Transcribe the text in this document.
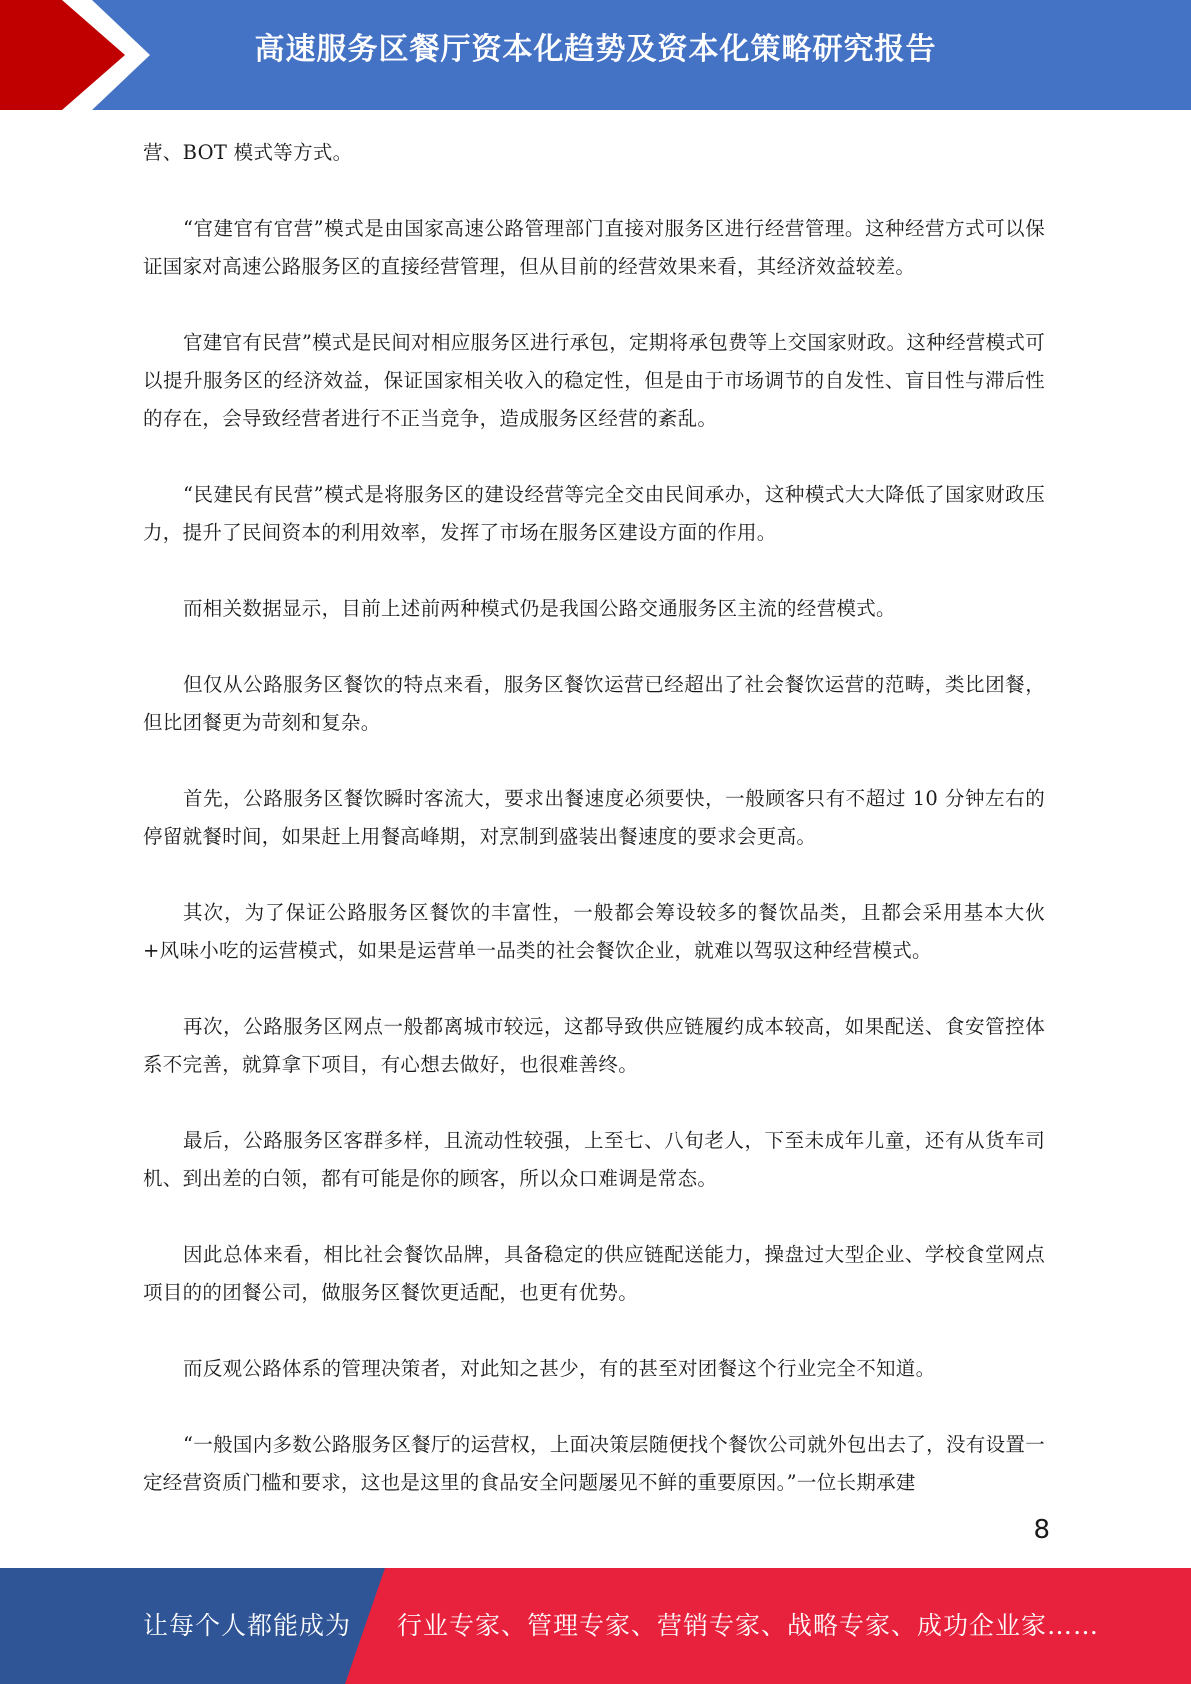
高速服务区餐厅资本化趋势及资本化策略研究报告

营、BOT 模式等方式。

“官建官有官营”模式是由国家高速公路管理部门直接对服务区进行经营管理。这种经营方式可以保证国家对高速公路服务区的直接经营管理，但从目前的经营效果来看，其经济效益较差。

官建官有民营”模式是民间对相应服务区进行承包，定期将承包费等上交国家财政。这种经营模式可以提升服务区的经济效益，保证国家相关收入的稳定性，但是由于市场调节的自发性、盲目性与滞后性的存在，会导致经营者进行不正当竞争，造成服务区经营的紊乱。

“民建民有民营”模式是将服务区的建设经营等完全交由民间承办，这种模式大大降低了国家财政压力，提升了民间资本的利用效率，发挥了市场在服务区建设方面的作用。

而相关数据显示，目前上述前两种模式仍是我国公路交通服务区主流的经营模式。

但仅从公路服务区餐饮的特点来看，服务区餐饮运营已经超出了社会餐饮运营的范畴，类比团餐，但比团餐更为苛刻和复杂。

首先，公路服务区餐饮瞬时客流大，要求出餐速度必须要快，一般顾客只有不超过 10 分钟左右的停留就餐时间，如果赶上用餐高峰期，对烹制到盛装出餐速度的要求会更高。

其次，为了保证公路服务区餐饮的丰富性，一般都会筹设较多的餐饮品类，且都会采用基本大伙+风味小吃的运营模式，如果是运营单一品类的社会餐饮企业，就难以驾驭这种经营模式。

再次，公路服务区网点一般都离城市较远，这都导致供应链履约成本较高，如果配送、食安管控体系不完善，就算拿下项目，有心想去做好，也很难善终。

最后，公路服务区客群多样，且流动性较强，上至七、八旬老人，下至未成年儿童，还有从货车司机、到出差的白领，都有可能是你的顾客，所以众口难调是常态。

因此总体来看，相比社会餐饮品牌，具备稳定的供应链配送能力，操盘过大型企业、学校食堂网点项目的的团餐公司，做服务区餐饮更适配，也更有优势。

而反观公路体系的管理决策者，对此知之甚少，有的甚至对团餐这个行业完全不知道。

“一般国内多数公路服务区餐厅的运营权，上面决策层随便找个餐饮公司就外包出去了，没有设置一定经营资质门槛和要求，这也是这里的食品安全问题屡见不鲜的重要原因。”一位长期承建

8
让每个人都能成为 行业专家、管理专家、营销专家、战略专家、成功企业家……
